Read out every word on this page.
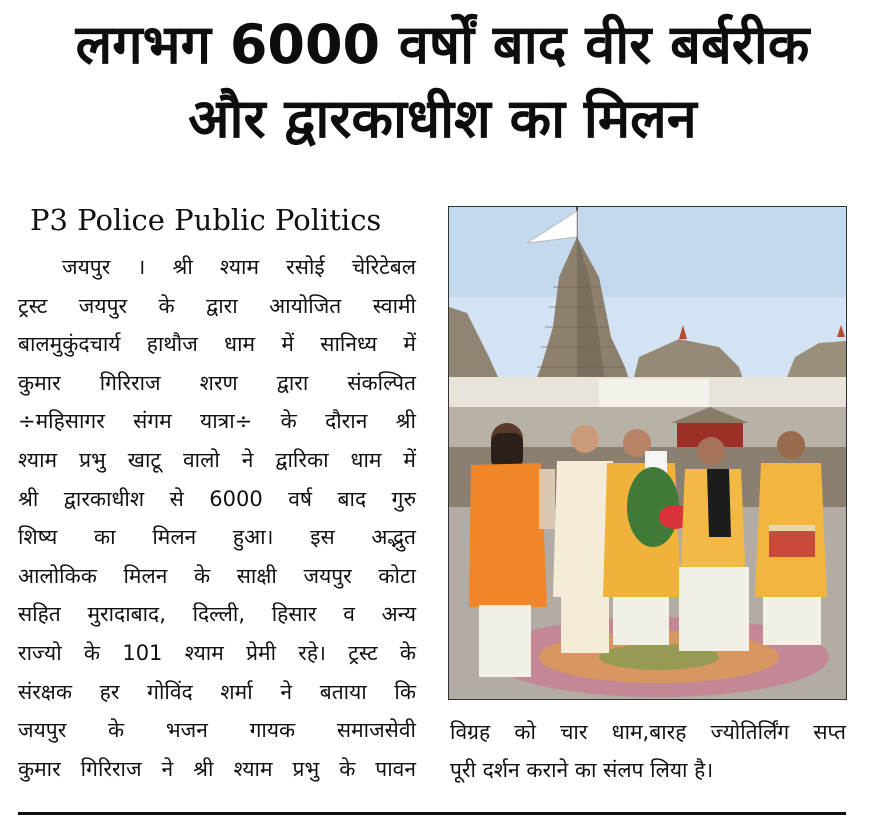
लगभग 6000 वर्षों बाद वीर बर्बरीक
और द्वारकाधीश का मिलन
P3 Police Public Politics
जयपुर । श्री श्याम रसोई चेरिटेबल
ट्रस्ट जयपुर के द्वारा आयोजित स्वामी
बालमुकुंदचार्य हाथौज धाम में सानिध्य में
कुमार गिरिराज शरण द्वारा संकल्पित
÷महिसागर संगम यात्रा÷ के दौरान श्री
श्याम प्रभु खाटू वालो ने द्वारिका धाम में
श्री द्वारकाधीश से 6000 वर्ष बाद गुरु
शिष्य का मिलन हुआ। इस अद्भुत
आलोकिक मिलन के साक्षी जयपुर कोटा
सहित मुरादाबाद, दिल्ली, हिसार व अन्य
राज्यो के 101 श्याम प्रेमी रहे। ट्रस्ट के
संरक्षक हर गोविंद शर्मा ने बताया कि
जयपुर के भजन गायक समाजसेवी
कुमार गिरिराज ने श्री श्याम प्रभु के पावन
विग्रह को चार धाम,बारह ज्योतिर्लिंग सप्त
पूरी दर्शन कराने का संलप लिया है।
